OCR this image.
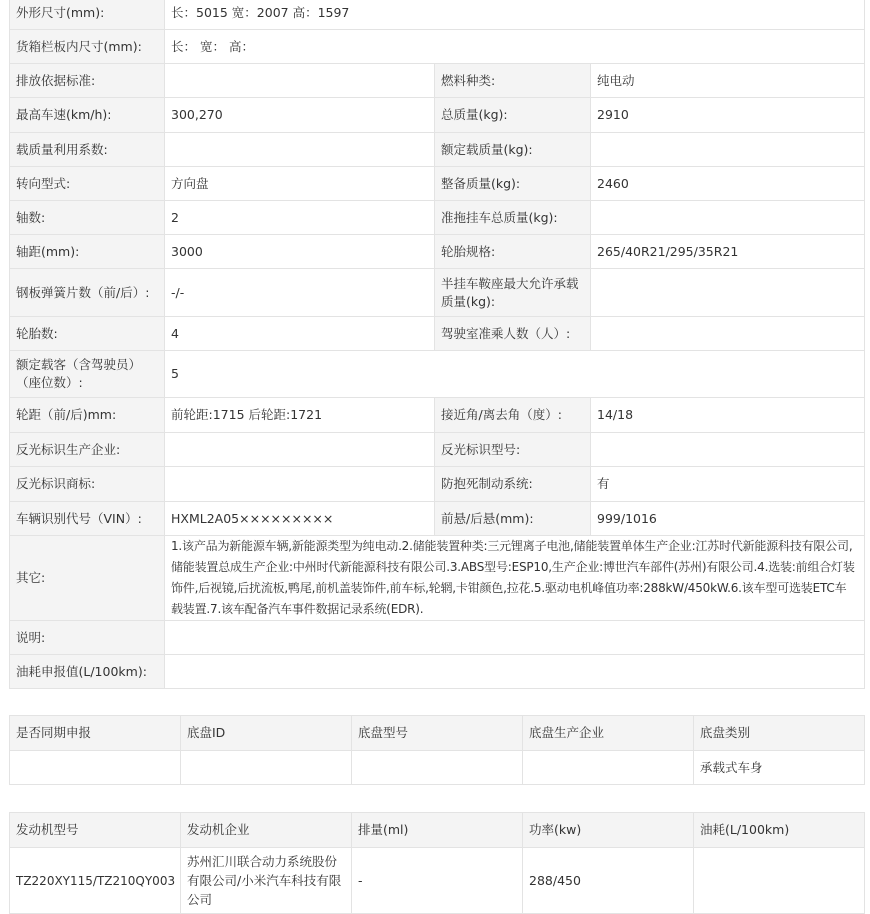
外形尺寸(mm):	长：5015 宽：2007 高：1597		
货箱栏板内尺寸(mm):	长： 宽： 高：		
排放依据标准:		燃料种类:	纯电动
最高车速(km/h):	300,270	总质量(kg):	2910
载质量利用系数:		额定载质量(kg):	
转向型式:	方向盘	整备质量(kg):	2460
轴数:	2	准拖挂车总质量(kg):	
轴距(mm):	3000	轮胎规格:	265/40R21/295/35R21
钢板弹簧片数（前/后）:	-/-	半挂车鞍座最大允许承载质量(kg):	
轮胎数:	4	驾驶室准乘人数（人）:	
额定载客（含驾驶员）（座位数）:	5		
轮距（前/后)mm:	前轮距:1715 后轮距:1721	接近角/离去角（度）:	14/18
反光标识生产企业:		反光标识型号:	
反光标识商标:		防抱死制动系统:	有
车辆识别代号（VIN）:	HXML2A05×××××××××	前悬/后悬(mm):	999/1016
其它:	1.该产品为新能源车辆,新能源类型为纯电动.2.储能装置种类:三元锂离子电池,储能装置单体生产企业:江苏时代新能源科技有限公司,储能装置总成生产企业:中州时代新能源科技有限公司.3.ABS型号:ESP10,生产企业:博世汽车部件(苏州)有限公司.4.选装:前组合灯装饰件,后视镜,后扰流板,鸭尾,前机盖装饰件,前车标,轮辋,卡钳颜色,拉花.5.驱动电机峰值功率:288kW/450kW.6.该车型可选装ETC车载装置.7.该车配备汽车事件数据记录系统(EDR).		
说明:			
油耗申报值(L/100km):			
是否同期申报	底盘ID	底盘型号	底盘生产企业	底盘类别
				承载式车身
发动机型号	发动机企业	排量(ml)	功率(kw)	油耗(L/100km)
TZ220XY115/TZ210QY003	苏州汇川联合动力系统股份有限公司/小米汽车科技有限公司	-	288/450	
